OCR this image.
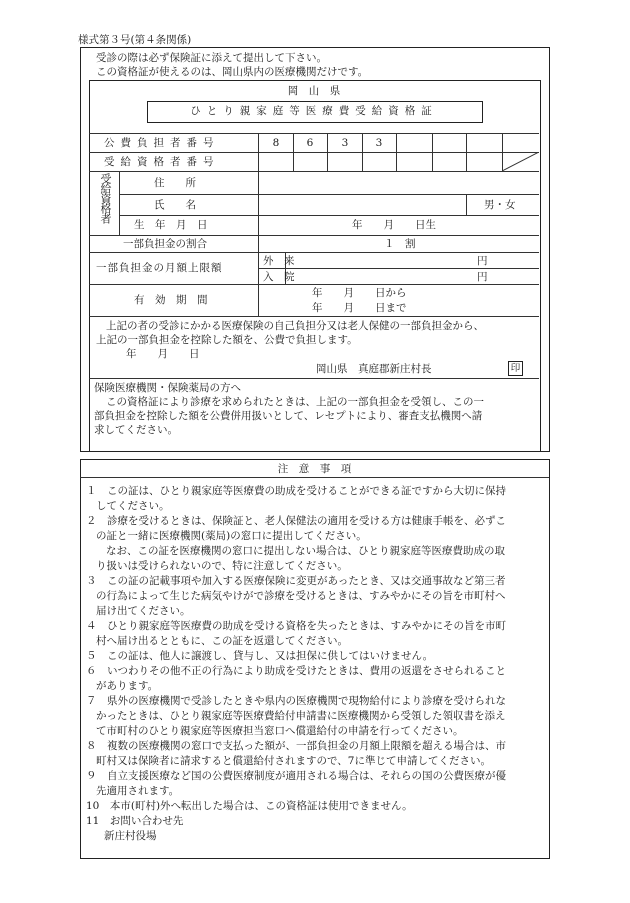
様式第３号(第４条関係)
受診の際は必ず保険証に添えて提出して下さい。
この資格証が使えるのは、岡山県内の医療機関だけです。
岡　山　県
ひとり親家庭等医療費受給資格証
公費負担者番号	8	6	3	3
受給資格者番号
受給資格者	住　　所
氏　　名	男・女
生　年　月　日	年　　月　　日生
一部負担金の割合	１　割
一部負担金の月額上限額
外　来	円
入　院	円
有　効　期　間
年　　月　　日から
年　　月　　日まで
上記の者の受診にかかる医療保険の自己負担分又は老人保健の一部負担金から、
上記の一部負担金を控除した額を、公費で負担します。
年　　月　　日
岡山県　真庭郡新庄村長	印
保険医療機関・保険薬局の方へ
この資格証により診療を求められたときは、上記の一部負担金を受領し、この一
部負担金を控除した額を公費併用扱いとして、レセプトにより、審査支払機関へ請
求してください。
注　意　事　項
１　この証は、ひとり親家庭等医療費の助成を受けることができる証ですから大切に保持
してください。
２　診療を受けるときは、保険証と、老人保健法の適用を受ける方は健康手帳を、必ずこ
の証と一緒に医療機関(薬局)の窓口に提出してください。
なお、この証を医療機関の窓口に提出しない場合は、ひとり親家庭等医療費助成の取
り扱いは受けられないので、特に注意してください。
３　この証の記載事項や加入する医療保険に変更があったとき、又は交通事故など第三者
の行為によって生じた病気やけがで診療を受けるときは、すみやかにその旨を市町村へ
届け出てください。
４　ひとり親家庭等医療費の助成を受ける資格を失ったときは、すみやかにその旨を市町
村へ届け出るとともに、この証を返還してください。
５　この証は、他人に譲渡し、貸与し、又は担保に供してはいけません。
６　いつわりその他不正の行為により助成を受けたときは、費用の返還をさせられること
があります。
７　県外の医療機関で受診したときや県内の医療機関で現物給付により診療を受けられな
かったときは、ひとり親家庭等医療費給付申請書に医療機関から受領した領収書を添え
て市町村のひとり親家庭等医療担当窓口へ償還給付の申請を行ってください。
８　複数の医療機関の窓口で支払った額が、一部負担金の月額上限額を超える場合は、市
町村又は保険者に請求すると償還給付されますので、7に準じて申請してください。
９　自立支援医療など国の公費医療制度が適用される場合は、それらの国の公費医療が優
先適用されます。
10　本市(町村)外へ転出した場合は、この資格証は使用できません。
11　お問い合わせ先
新庄村役場
